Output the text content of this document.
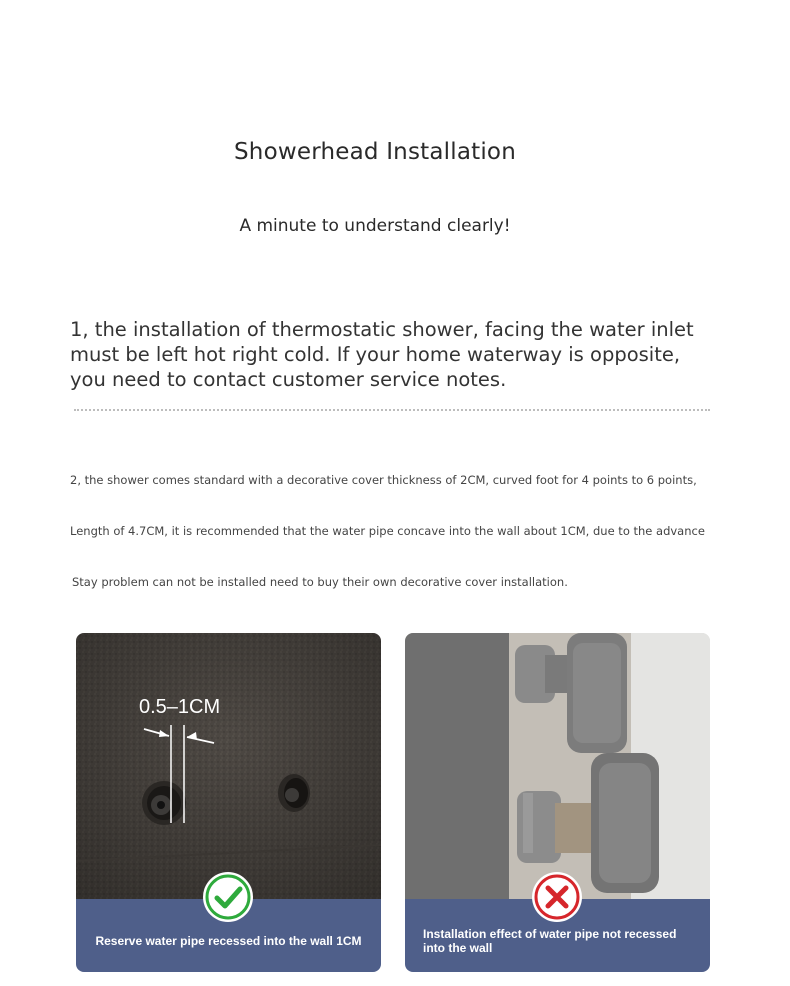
Showerhead Installation
A minute to understand clearly!
1, the installation of thermostatic shower, facing the water inlet must be left hot right cold. If your home waterway is opposite, you need to contact customer service notes.
2, the shower comes standard with a decorative cover thickness of 2CM, curved foot for 4 points to 6 points,
Length of 4.7CM, it is recommended that the water pipe concave into the wall about 1CM, due to the advance
Stay problem can not be installed need to buy their own decorative cover installation.
0.5–1CM
Reserve water pipe recessed into the wall 1CM	Installation effect of water pipe not recessed into the wall
